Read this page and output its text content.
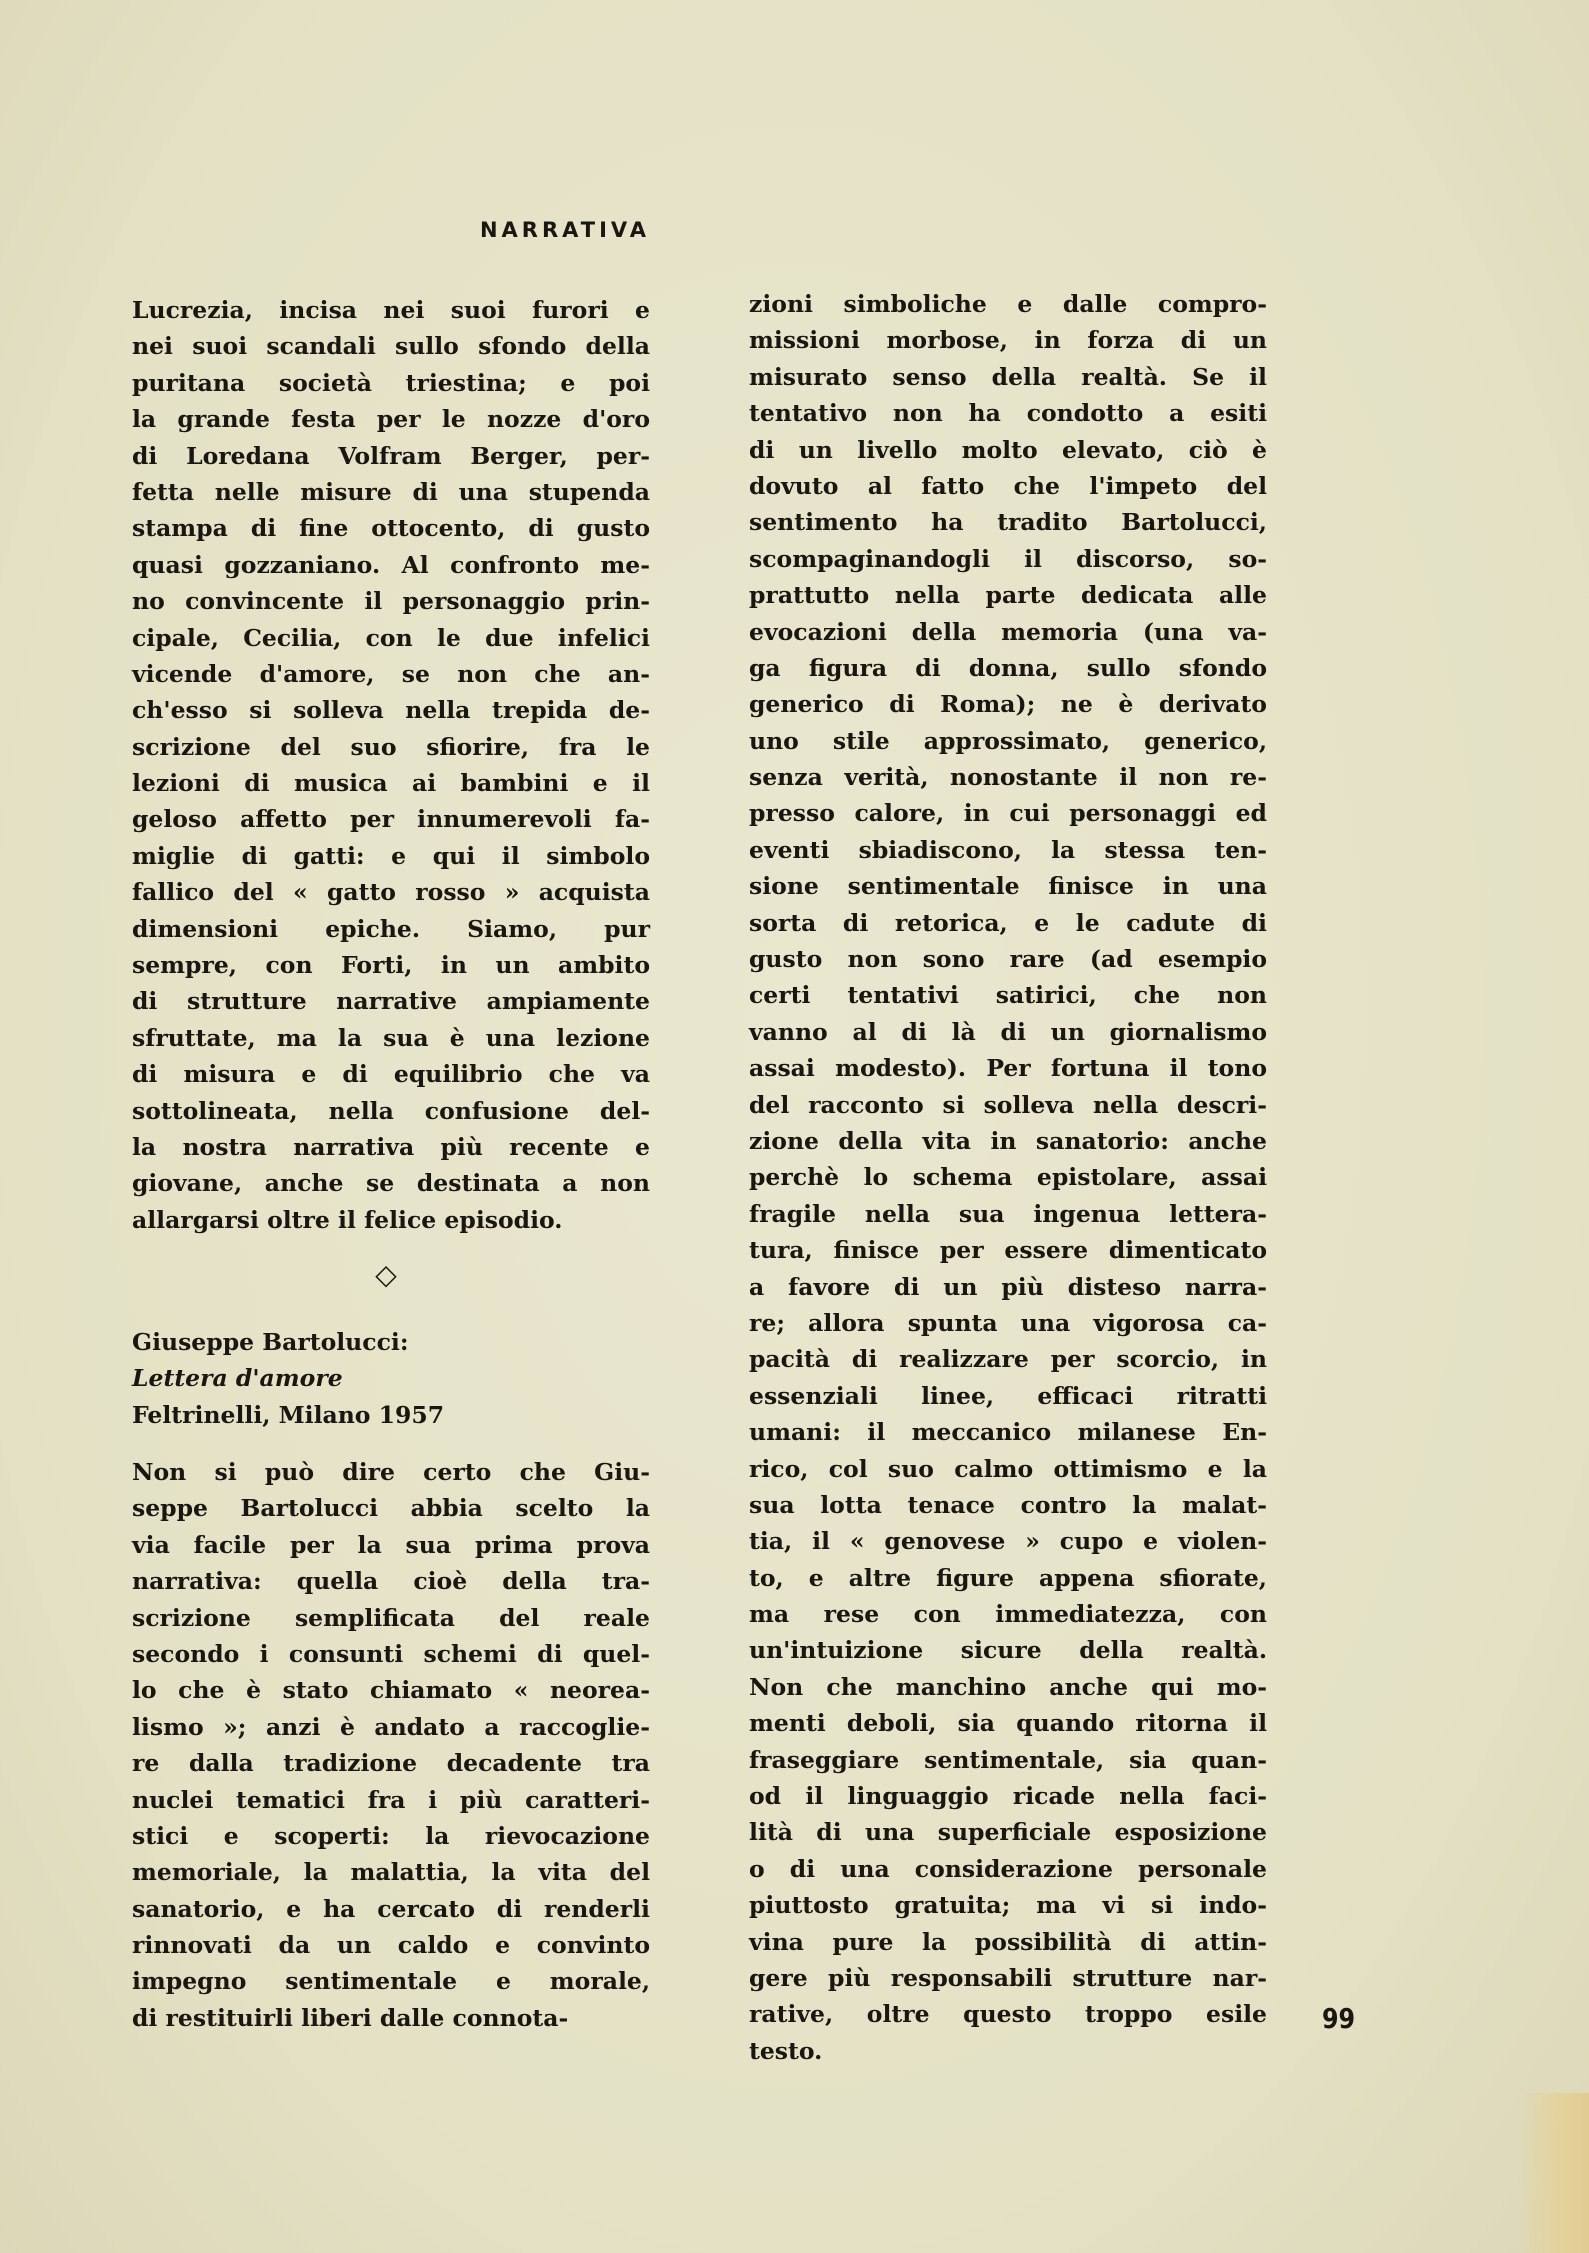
NARRATIVA
Lucrezia, incisa nei suoi furori e
nei suoi scandali sullo sfondo della
puritana società triestina; e poi
la grande festa per le nozze d'oro
di Loredana Volfram Berger, per-
fetta nelle misure di una stupenda
stampa di fine ottocento, di gusto
quasi gozzaniano. Al confronto me-
no convincente il personaggio prin-
cipale, Cecilia, con le due infelici
vicende d'amore, se non che an-
ch'esso si solleva nella trepida de-
scrizione del suo sfiorire, fra le
lezioni di musica ai bambini e il
geloso affetto per innumerevoli fa-
miglie di gatti: e qui il simbolo
fallico del « gatto rosso » acquista
dimensioni epiche. Siamo, pur
sempre, con Forti, in un ambito
di strutture narrative ampiamente
sfruttate, ma la sua è una lezione
di misura e di equilibrio che va
sottolineata, nella confusione del-
la nostra narrativa più recente e
giovane, anche se destinata a non
allargarsi oltre il felice episodio.
◇
Giuseppe Bartolucci:
Lettera d'amore
Feltrinelli, Milano 1957
Non si può dire certo che Giu-
seppe Bartolucci abbia scelto la
via facile per la sua prima prova
narrativa: quella cioè della tra-
scrizione semplificata del reale
secondo i consunti schemi di quel-
lo che è stato chiamato « neorea-
lismo »; anzi è andato a raccoglie-
re dalla tradizione decadente tra
nuclei tematici fra i più caratteri-
stici e scoperti: la rievocazione
memoriale, la malattia, la vita del
sanatorio, e ha cercato di renderli
rinnovati da un caldo e convinto
impegno sentimentale e morale,
di restituirli liberi dalle connota-
zioni simboliche e dalle compro-
missioni morbose, in forza di un
misurato senso della realtà. Se il
tentativo non ha condotto a esiti
di un livello molto elevato, ciò è
dovuto al fatto che l'impeto del
sentimento ha tradito Bartolucci,
scompaginandogli il discorso, so-
prattutto nella parte dedicata alle
evocazioni della memoria (una va-
ga figura di donna, sullo sfondo
generico di Roma); ne è derivato
uno stile approssimato, generico,
senza verità, nonostante il non re-
presso calore, in cui personaggi ed
eventi sbiadiscono, la stessa ten-
sione sentimentale finisce in una
sorta di retorica, e le cadute di
gusto non sono rare (ad esempio
certi tentativi satirici, che non
vanno al di là di un giornalismo
assai modesto). Per fortuna il tono
del racconto si solleva nella descri-
zione della vita in sanatorio: anche
perchè lo schema epistolare, assai
fragile nella sua ingenua lettera-
tura, finisce per essere dimenticato
a favore di un più disteso narra-
re; allora spunta una vigorosa ca-
pacità di realizzare per scorcio, in
essenziali linee, efficaci ritratti
umani: il meccanico milanese En-
rico, col suo calmo ottimismo e la
sua lotta tenace contro la malat-
tia, il « genovese » cupo e violen-
to, e altre figure appena sfiorate,
ma rese con immediatezza, con
un'intuizione sicure della realtà.
Non che manchino anche qui mo-
menti deboli, sia quando ritorna il
fraseggiare sentimentale, sia quan-
od il linguaggio ricade nella faci-
lità di una superficiale esposizione
o di una considerazione personale
piuttosto gratuita; ma vi si indo-
vina pure la possibilità di attin-
gere più responsabili strutture nar-
rative, oltre questo troppo esile
testo.
99
